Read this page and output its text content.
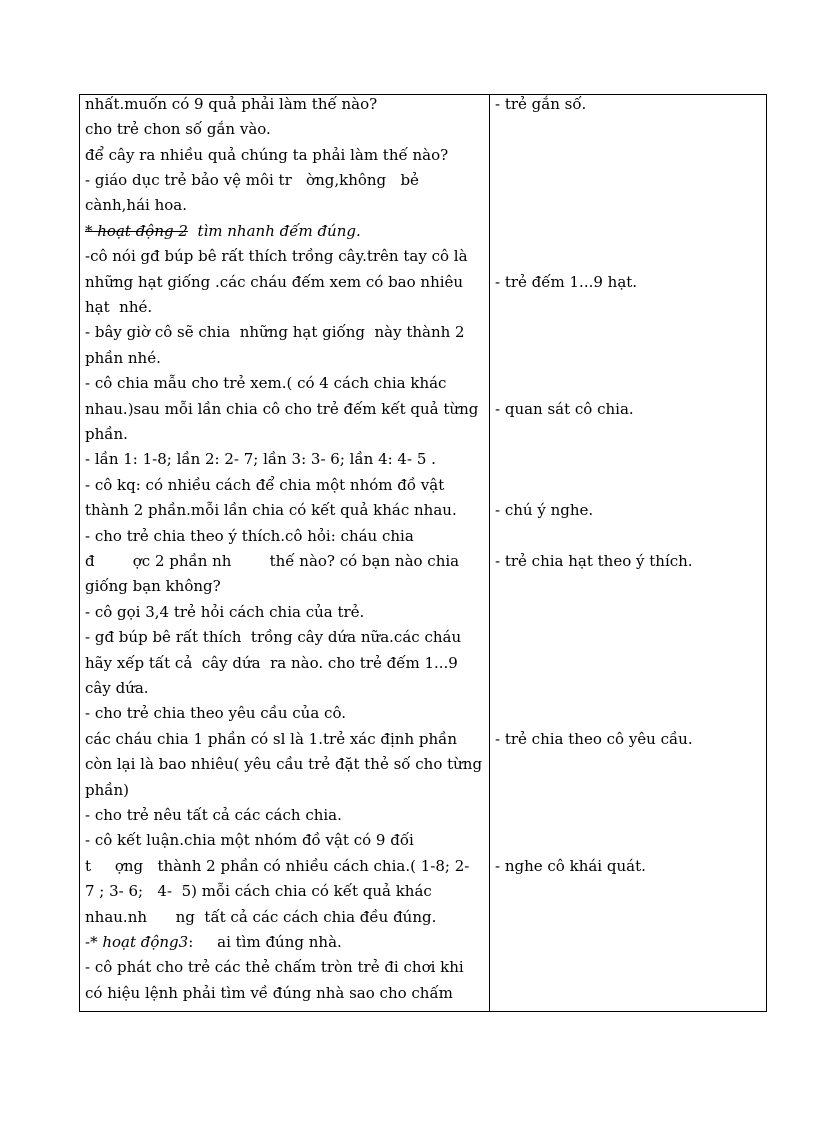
nhất.muốn có 9 quả phải làm thế nào?
cho trẻ chon số gắn vào.
để cây ra nhiều quả chúng ta phải làm thế nào?
- giáo dục trẻ bảo vệ môi tr   ờng,không   bẻ
cành,hái hoa.
* hoạt động 2 tìm nhanh đếm đúng.
-cô nói gđ búp bê rất thích trồng cây.trên tay cô là
những hạt giống .các cháu đếm xem có bao nhiêu
hạt  nhé.
- bây giờ cô sẽ chia  những hạt giống  này thành 2
phần nhé.
- cô chia mẫu cho trẻ xem.( có 4 cách chia khác
nhau.)sau mỗi lần chia cô cho trẻ đếm kết quả từng
phần.
- lần 1: 1-8; lần 2: 2- 7; lần 3: 3- 6; lần 4: 4- 5 .
- cô kq: có nhiều cách để chia một nhóm đồ vật
thành 2 phần.mỗi lần chia có kết quả khác nhau.
- cho trẻ chia theo ý thích.cô hỏi: cháu chia
đ        ợc 2 phần nh        thế nào? có bạn nào chia
giống bạn không?
- cô gọi 3,4 trẻ hỏi cách chia của trẻ.
- gđ búp bê rất thích  trồng cây dứa nữa.các cháu
hãy xếp tất cả  cây dứa  ra nào. cho trẻ đếm 1...9
cây dứa.
- cho trẻ chia theo yêu cầu của cô.
các cháu chia 1 phần có sl là 1.trẻ xác định phần
còn lại là bao nhiêu( yêu cầu trẻ đặt thẻ số cho từng
phần)
- cho trẻ nêu tất cả các cách chia.
- cô kết luận.chia một nhóm đồ vật có 9 đối
t     ợng   thành 2 phần có nhiều cách chia.( 1-8; 2-
7 ; 3- 6;   4-  5) mỗi cách chia có kết quả khác
nhau.nh      ng  tất cả các cách chia đều đúng.
-* hoạt động3: ai tìm đúng nhà.
- cô phát cho trẻ các thẻ chấm tròn trẻ đi chơi khi
có hiệu lệnh phải tìm về đúng nhà sao cho chấm
- trẻ gắn số.
- trẻ đếm 1...9 hạt.
- quan sát cô chia.
- chú ý nghe.
- trẻ chia hạt theo ý thích.
- trẻ chia theo cô yêu cầu.
- nghe cô khái quát.
